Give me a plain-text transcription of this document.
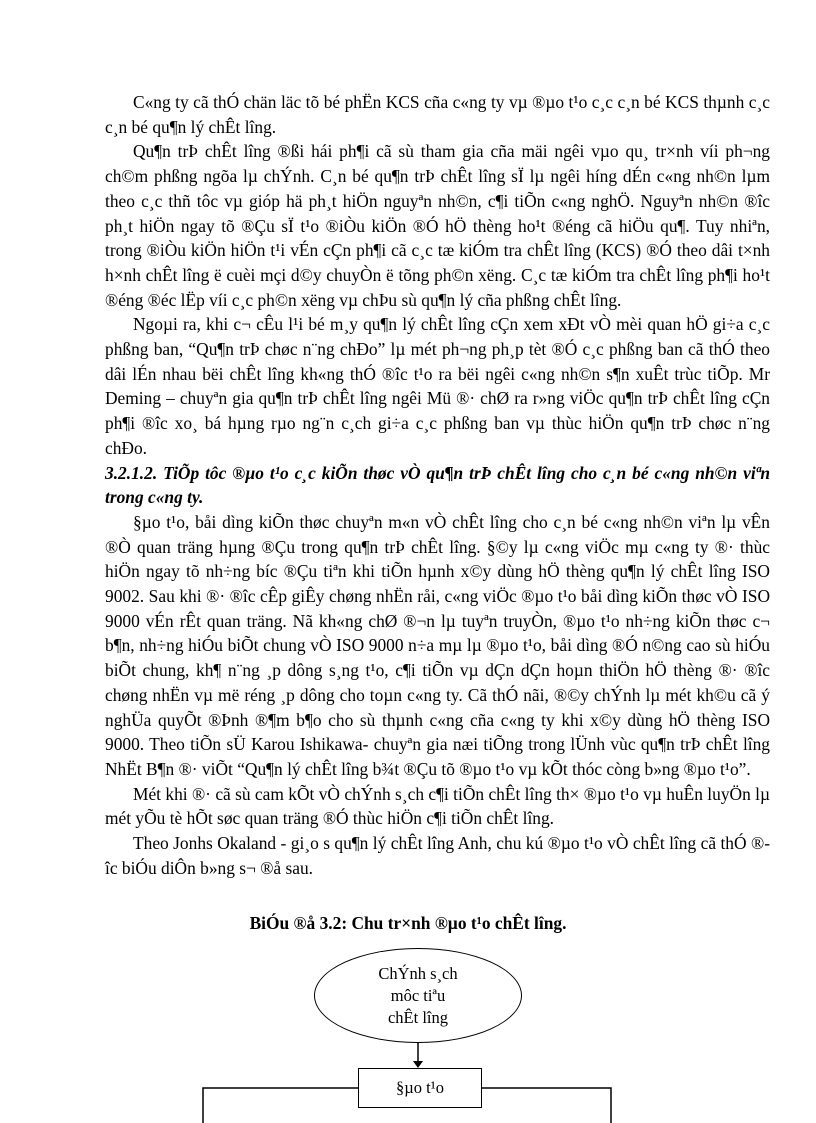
C«ng ty cã thÓ chän läc tõ bé phËn KCS cña c«ng ty vµ ®µo t¹o c¸c c¸n bé KCS thµnh c¸c c¸n bé qu¶n lý chÊt lîng.

Qu¶n trÞ chÊt lîng ®ßi hái ph¶i cã sù tham gia cña mäi ngêi vµo qu¸ tr×nh víi ph¬ng ch©m phßng ngõa lµ chÝnh. C¸n bé qu¶n trÞ chÊt lîng sÏ lµ ngêi híng dÉn c«ng nh©n lµm theo c¸c thñ tôc vµ gióp hä ph¸t hiÖn nguyªn nh©n, c¶i tiÕn c«ng nghÖ. Nguyªn nh©n ®îc ph¸t hiÖn ngay tõ ®Çu sÏ t¹o ®iÒu kiÖn ®Ó hÖ thèng ho¹t ®éng cã hiÖu qu¶. Tuy nhiªn, trong ®iÒu kiÖn hiÖn t¹i vÉn cÇn ph¶i cã c¸c tæ kiÓm tra chÊt lîng (KCS) ®Ó theo dâi t×nh h×nh chÊt lîng ë cuèi mçi d©y chuyÒn ë tõng ph©n xëng. C¸c tæ kiÓm tra chÊt lîng ph¶i ho¹t ®éng ®éc lËp víi c¸c ph©n xëng vµ chÞu sù qu¶n lý cña phßng chÊt lîng.

Ngoµi ra, khi c¬ cÊu l¹i bé m¸y qu¶n lý chÊt lîng cÇn xem xÐt vÒ mèi quan hÖ gi÷a c¸c phßng ban, “Qu¶n trÞ chøc n¨ng chÐo” lµ mét ph¬ng ph¸p tèt ®Ó c¸c phßng ban cã thÓ theo dâi lÉn nhau bëi chÊt lîng kh«ng thÓ ®îc t¹o ra bëi ngêi c«ng nh©n s¶n xuÊt trùc tiÕp. Mr Deming – chuyªn gia qu¶n trÞ chÊt lîng ngêi Mü ®· chØ ra r»ng viÖc qu¶n trÞ chÊt lîng cÇn ph¶i ®îc xo¸ bá hµng rµo ng¨n c¸ch gi÷a c¸c phßng ban vµ thùc hiÖn qu¶n trÞ chøc n¨ng chÐo.

3.2.1.2. TiÕp tôc ®µo t¹o c¸c kiÕn thøc vÒ qu¶n trÞ chÊt lîng cho c¸n bé c«ng nh©n viªn trong c«ng ty.

§µo t¹o, båi dìng kiÕn thøc chuyªn m«n vÒ chÊt lîng cho c¸n bé c«ng nh©n viªn lµ vÊn ®Ò quan träng hµng ®Çu trong qu¶n trÞ chÊt lîng. §©y lµ c«ng viÖc mµ c«ng ty ®· thùc hiÖn ngay tõ nh÷ng bíc ®Çu tiªn khi tiÕn hµnh x©y dùng hÖ thèng qu¶n lý chÊt lîng ISO 9002. Sau khi ®· ®îc cÊp giÊy chøng nhËn råi, c«ng viÖc ®µo t¹o båi dìng kiÕn thøc vÒ ISO 9000 vÉn rÊt quan träng. Nã kh«ng chØ ®¬n lµ tuyªn truyÒn, ®µo t¹o nh÷ng kiÕn thøc c¬ b¶n, nh÷ng hiÓu biÕt chung vÒ ISO 9000 n÷a mµ lµ ®µo t¹o, båi dìng ®Ó n©ng cao sù hiÓu biÕt chung, kh¶ n¨ng ¸p dông s¸ng t¹o, c¶i tiÕn vµ dÇn dÇn hoµn thiÖn hÖ thèng ®· ®îc chøng nhËn vµ më réng ¸p dông cho toµn c«ng ty. Cã thÓ nãi, ®©y chÝnh lµ mét kh©u cã ý nghÜa quyÕt ®Þnh ®¶m b¶o cho sù thµnh c«ng cña c«ng ty khi x©y dùng hÖ thèng ISO 9000. Theo tiÕn sÜ Karou Ishikawa- chuyªn gia næi tiÕng trong lÜnh vùc qu¶n trÞ chÊt lîng NhËt B¶n ®· viÕt “Qu¶n lý chÊt lîng b¾t ®Çu tõ ®µo t¹o vµ kÕt thóc còng b»ng ®µo t¹o”.

Mét khi ®· cã sù cam kÕt vÒ chÝnh s¸ch c¶i tiÕn chÊt lîng th× ®µo t¹o vµ huÊn luyÖn lµ mét yÕu tè hÕt søc quan träng ®Ó thùc hiÖn c¶i tiÕn chÊt lîng.

Theo Jonhs Okaland - gi¸o s qu¶n lý chÊt lîng Anh, chu kú ®µo t¹o vÒ chÊt lîng cã thÓ ®îc biÓu diÔn b»ng s¬ ®å sau.

BiÓu ®å 3.2: Chu tr×nh ®µo t¹o chÊt lîng.
ChÝnh s¸ch
môc tiªu
chÊt lîng
§µo t¹o
